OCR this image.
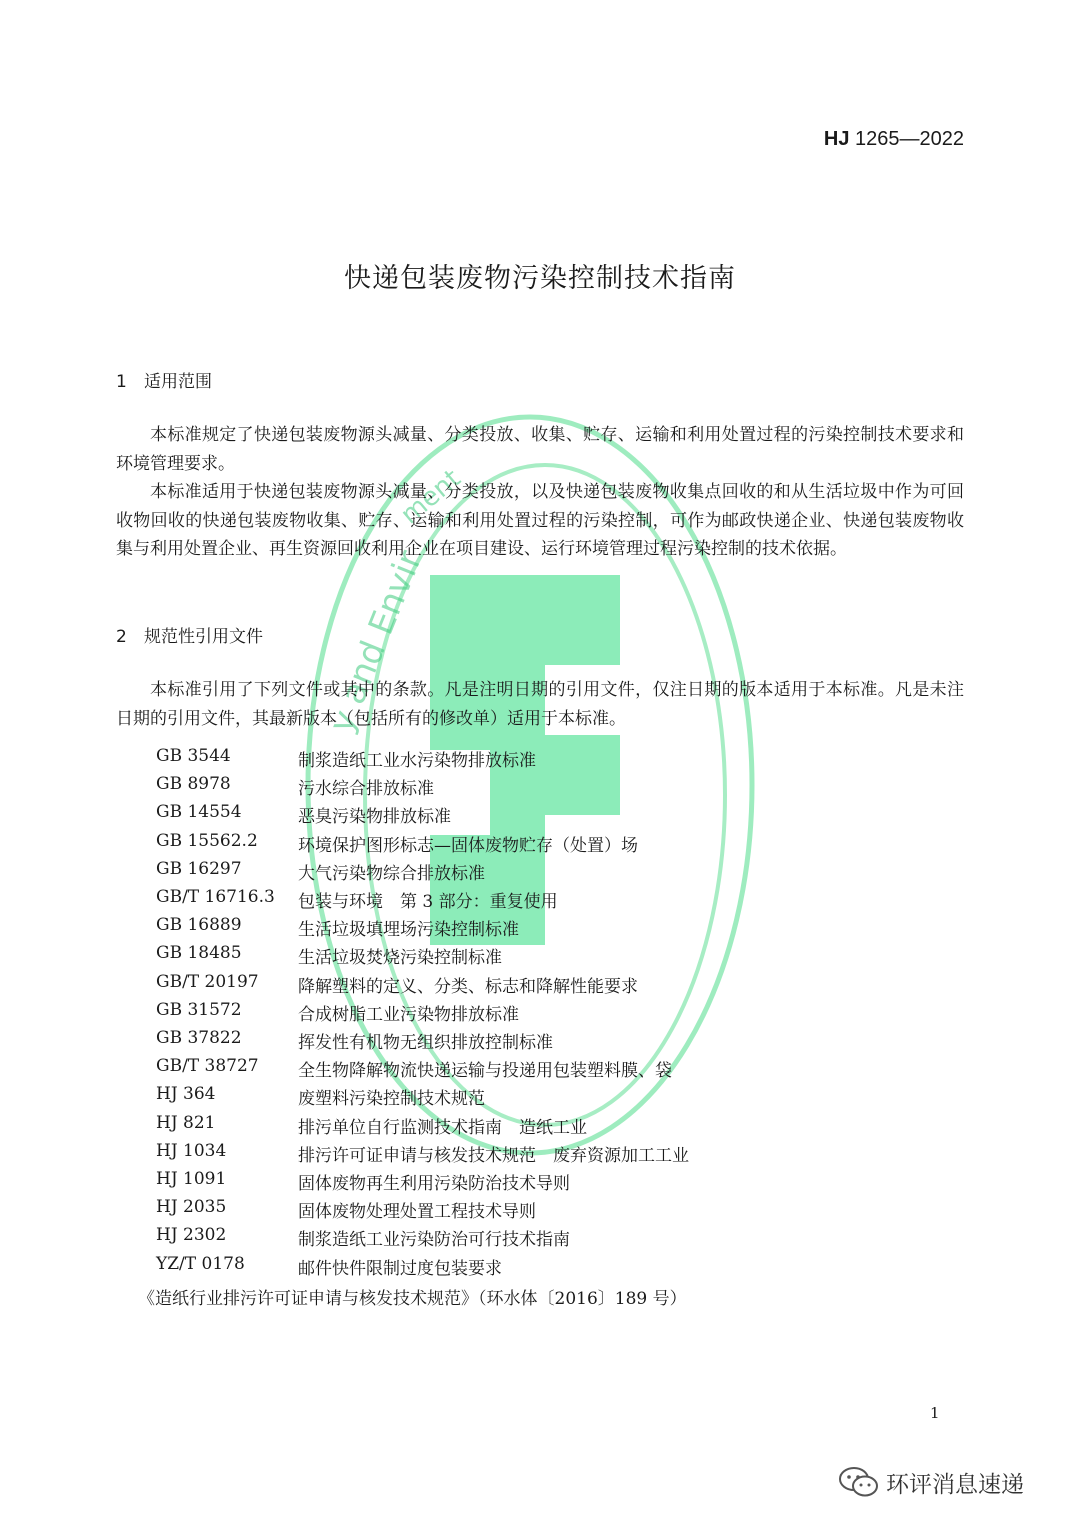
y and Envir
ment
HJ 1265—2022
快递包装废物污染控制技术指南
1 适用范围
本标准规定了快递包装废物源头减量、分类投放、收集、贮存、运输和利用处置过程的污染控制技术要求和环境管理要求。
本标准适用于快递包装废物源头减量、分类投放，以及快递包装废物收集点回收的和从生活垃圾中作为可回收物回收的快递包装废物收集、贮存、运输和利用处置过程的污染控制，可作为邮政快递企业、快递包装废物收集与利用处置企业、再生资源回收利用企业在项目建设、运行环境管理过程污染控制的技术依据。
2 规范性引用文件
本标准引用了下列文件或其中的条款。凡是注明日期的引用文件，仅注日期的版本适用于本标准。凡是未注日期的引用文件，其最新版本（包括所有的修改单）适用于本标准。
GB 3544	制浆造纸工业水污染物排放标准
GB 8978	污水综合排放标准
GB 14554	恶臭污染物排放标准
GB 15562.2 环境保护图形标志—固体废物贮存（处置）场
GB 16297	大气污染物综合排放标准
GB/T 16716.3 包装与环境　第 3 部分：重复使用
GB 16889	生活垃圾填埋场污染控制标准
GB 18485	生活垃圾焚烧污染控制标准
GB/T 20197 降解塑料的定义、分类、标志和降解性能要求
GB 31572	合成树脂工业污染物排放标准
GB 37822	挥发性有机物无组织排放控制标准
GB/T 38727 全生物降解物流快递运输与投递用包装塑料膜、袋
HJ 364	废塑料污染控制技术规范
HJ 821	排污单位自行监测技术指南　造纸工业
HJ 1034	排污许可证申请与核发技术规范　废弃资源加工工业
HJ 1091	固体废物再生利用污染防治技术导则
HJ 2035	固体废物处理处置工程技术导则
HJ 2302	制浆造纸工业污染防治可行技术指南
YZ/T 0178	邮件快件限制过度包装要求
《造纸行业排污许可证申请与核发技术规范》（环水体〔2016〕189 号）
1
环评消息速递
